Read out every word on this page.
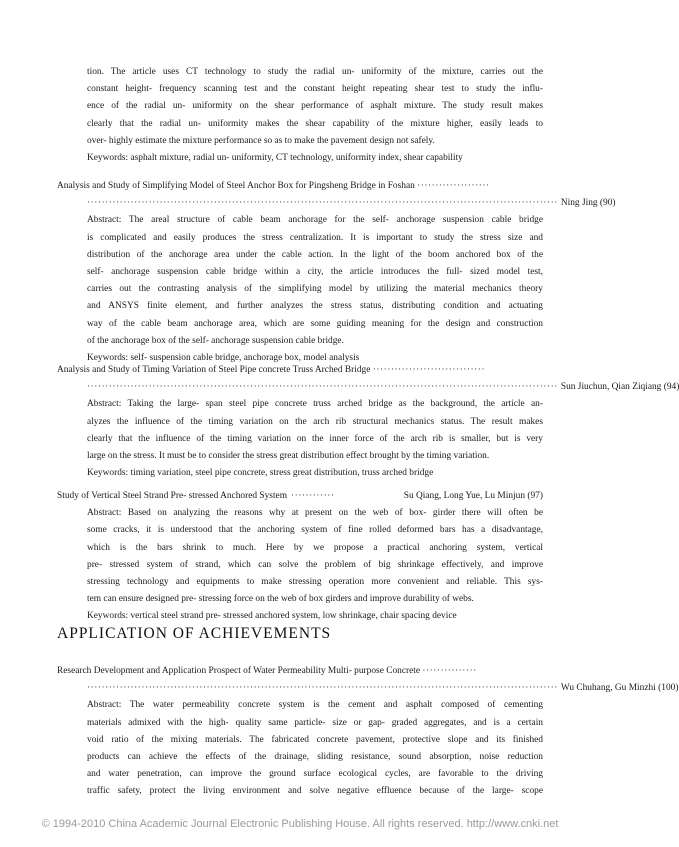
tion. The article uses CT technology to study the radial un- uniformity of the mixture, carries out the
constant height- frequency scanning test and the constant height repeating shear test to study the influ-
ence of the radial un- uniformity on the shear performance of asphalt mixture. The study result makes
clearly that the radial un- uniformity makes the shear capability of the mixture higher, easily leads to
over- highly estimate the mixture performance so as to make the pavement design not safely.
Keywords: asphalt mixture, radial un- uniformity, CT technology, uniformity index, shear capability
Analysis and Study of Simplifying Model of Steel Anchor Box for Pingsheng Bridge in Foshan ····················
·································································································································· Ning Jing (90)
Abstract: The areal structure of cable beam anchorage for the self- anchorage suspension cable bridge
is complicated and easily produces the stress centralization. It is important to study the stress size and
distribution of the anchorage area under the cable action. In the light of the boom anchored box of the
self- anchorage suspension cable bridge within a city, the article introduces the full- sized model test,
carries out the contrasting analysis of the simplifying model by utilizing the material mechanics theory
and ANSYS finite element, and further analyzes the stress status, distributing condition and actuating
way of the cable beam anchorage area, which are some guiding meaning for the design and construction
of the anchorage box of the self- anchorage suspension cable bridge.
Keywords: self- suspension cable bridge, anchorage box, model analysis
Analysis and Study of Timing Variation of Steel Pipe concrete Truss Arched Bridge ·······························
·································································································································· Sun Jiuchun, Qian Ziqiang (94)
Abstract: Taking the large- span steel pipe concrete truss arched bridge as the background, the article an-
alyzes the influence of the timing variation on the arch rib structural mechanics status. The result makes
clearly that the influence of the timing variation on the inner force of the arch rib is smaller, but is very
large on the stress. It must be to consider the stress great distribution effect brought by the timing variation.
Keywords: timing variation, steel pipe concrete, stress great distribution, truss arched bridge
Study of Vertical Steel Strand Pre- stressed Anchored System ············	Su Qiang, Long Yue, Lu Minjun (97)
Abstract: Based on analyzing the reasons why at present on the web of box- girder there will often be
some cracks, it is understood that the anchoring system of fine rolled deformed bars has a disadvantage,
which is the bars shrink to much. Here by we propose a practical anchoring system, vertical
pre- stressed system of strand, which can solve the problem of big shrinkage effectively, and improve
stressing technology and equipments to make stressing operation more convenient and reliable. This sys-
tem can ensure designed pre- stressing force on the web of box girders and improve durability of webs.
Keywords: vertical steel strand pre- stressed anchored system, low shrinkage, chair spacing device
APPLICATION OF ACHIEVEMENTS
Research Development and Application Prospect of Water Permeability Multi- purpose Concrete ···············
·································································································································· Wu Chuhang, Gu Minzhi (100)
Abstract: The water permeability concrete system is the cement and asphalt composed of cementing
materials admixed with the high- quality same particle- size or gap- graded aggregates, and is a certain
void ratio of the mixing materials. The fabricated concrete pavement, protective slope and its finished
products can achieve the effects of the drainage, sliding resistance, sound absorption, noise reduction
and water penetration, can improve the ground surface ecological cycles, are favorable to the driving
traffic safety, protect the living environment and solve negative effluence because of the large- scope
© 1994-2010 China Academic Journal Electronic Publishing House. All rights reserved. http://www.cnki.net
